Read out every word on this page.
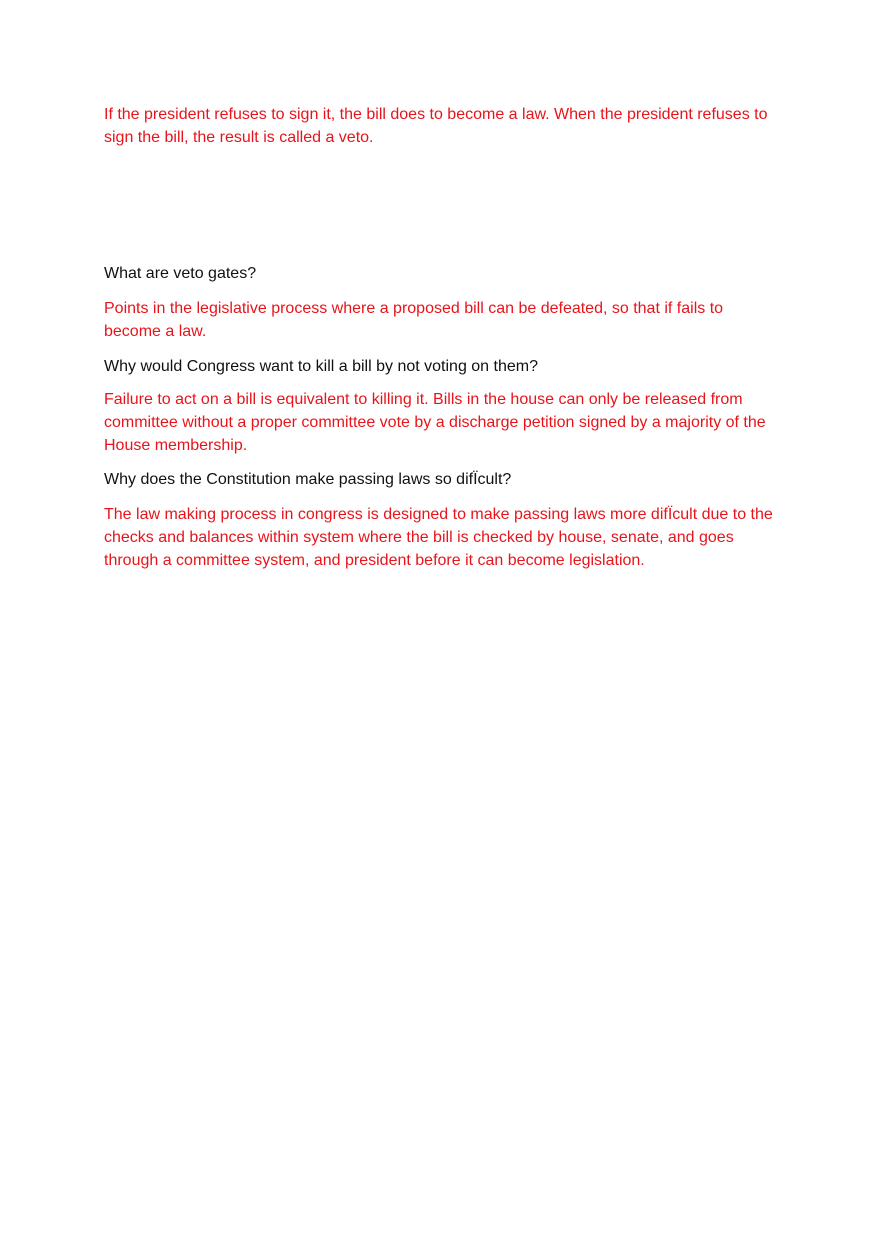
If the president refuses to sign it, the bill does to become a law. When the president refuses to sign the bill, the result is called a veto.

What are veto gates?

Points in the legislative process where a proposed bill can be defeated, so that if fails to become a law.

Why would Congress want to kill a bill by not voting on them?

Failure to act on a bill is equivalent to killing it. Bills in the house can only be released from committee without a proper committee vote by a discharge petition signed by a majority of the House membership.

Why does the Constitution make passing laws so difÏcult?

The law making process in congress is designed to make passing laws more difÏcult due to the checks and balances within system where the bill is checked by house, senate, and goes through a committee system, and president before it can become legislation.
